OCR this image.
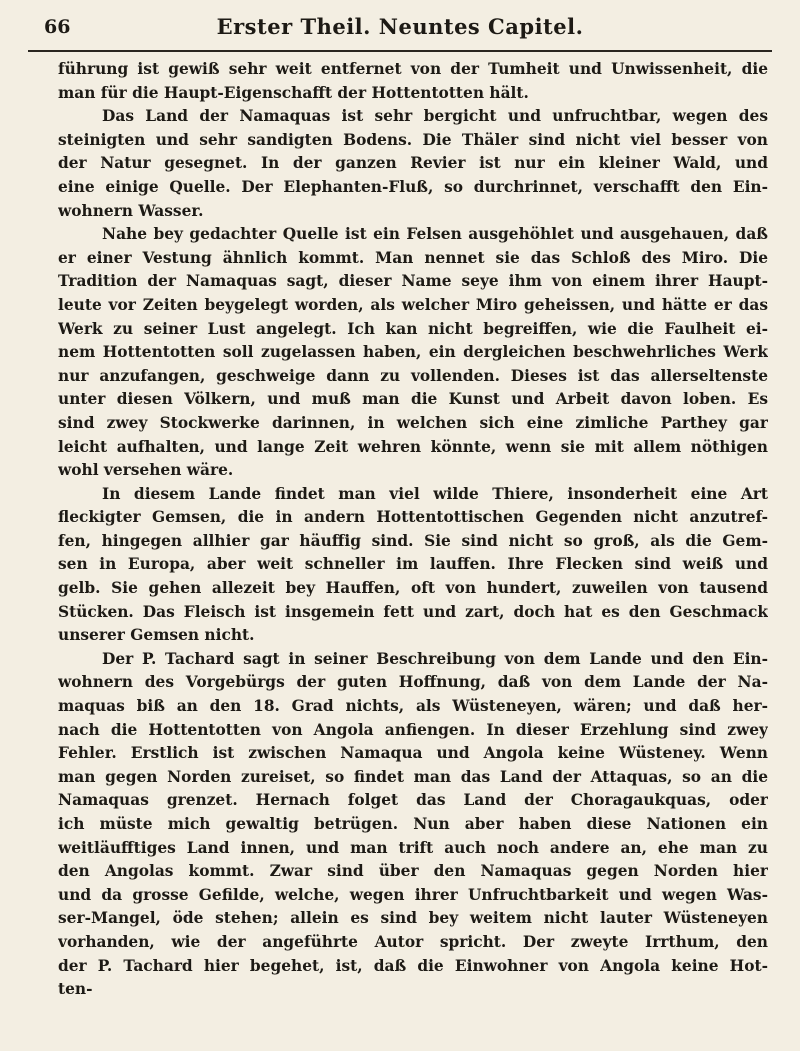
66	Erster Theil. Neuntes Capitel.
führung ist gewiß sehr weit entfernet von der Tumheit und Unwissenheit, die
man für die Haupt-Eigenschafft der Hottentotten hält.
Das Land der Namaquas ist sehr bergicht und unfruchtbar, wegen des
steinigten und sehr sandigten Bodens. Die Thäler sind nicht viel besser von
der Natur gesegnet. In der ganzen Revier ist nur ein kleiner Wald, und
eine einige Quelle. Der Elephanten-Fluß, so durchrinnet, verschafft den Ein-
wohnern Wasser.
Nahe bey gedachter Quelle ist ein Felsen ausgehöhlet und ausgehauen, daß
er einer Vestung ähnlich kommt. Man nennet sie das Schloß des Miro. Die
Tradition der Namaquas sagt, dieser Name seye ihm von einem ihrer Haupt-
leute vor Zeiten beygelegt worden, als welcher Miro geheissen, und hätte er das
Werk zu seiner Lust angelegt. Ich kan nicht begreiffen, wie die Faulheit ei-
nem Hottentotten soll zugelassen haben, ein dergleichen beschwehrliches Werk
nur anzufangen, geschweige dann zu vollenden. Dieses ist das allerseltenste
unter diesen Völkern, und muß man die Kunst und Arbeit davon loben. Es
sind zwey Stockwerke darinnen, in welchen sich eine zimliche Parthey gar
leicht aufhalten, und lange Zeit wehren könnte, wenn sie mit allem nöthigen
wohl versehen wäre.
In diesem Lande findet man viel wilde Thiere, insonderheit eine Art
fleckigter Gemsen, die in andern Hottentottischen Gegenden nicht anzutref-
fen, hingegen allhier gar häuffig sind. Sie sind nicht so groß, als die Gem-
sen in Europa, aber weit schneller im lauffen. Ihre Flecken sind weiß und
gelb. Sie gehen allezeit bey Hauffen, oft von hundert, zuweilen von tausend
Stücken. Das Fleisch ist insgemein fett und zart, doch hat es den Geschmack
unserer Gemsen nicht.
Der P. Tachard sagt in seiner Beschreibung von dem Lande und den Ein-
wohnern des Vorgebürgs der guten Hoffnung, daß von dem Lande der Na-
maquas biß an den 18. Grad nichts, als Wüsteneyen, wären; und daß her-
nach die Hottentotten von Angola anfiengen. In dieser Erzehlung sind zwey
Fehler. Erstlich ist zwischen Namaqua und Angola keine Wüsteney. Wenn
man gegen Norden zureiset, so findet man das Land der Attaquas, so an die
Namaquas grenzet. Hernach folget das Land der Choragaukquas, oder
ich müste mich gewaltig betrügen. Nun aber haben diese Nationen ein
weitläufftiges Land innen, und man trift auch noch andere an, ehe man zu
den Angolas kommt. Zwar sind über den Namaquas gegen Norden hier
und da grosse Gefilde, welche, wegen ihrer Unfruchtbarkeit und wegen Was-
ser-Mangel, öde stehen; allein es sind bey weitem nicht lauter Wüsteneyen
vorhanden, wie der angeführte Autor spricht. Der zweyte Irrthum, den
der P. Tachard hier begehet, ist, daß die Einwohner von Angola keine Hot-
ten-
